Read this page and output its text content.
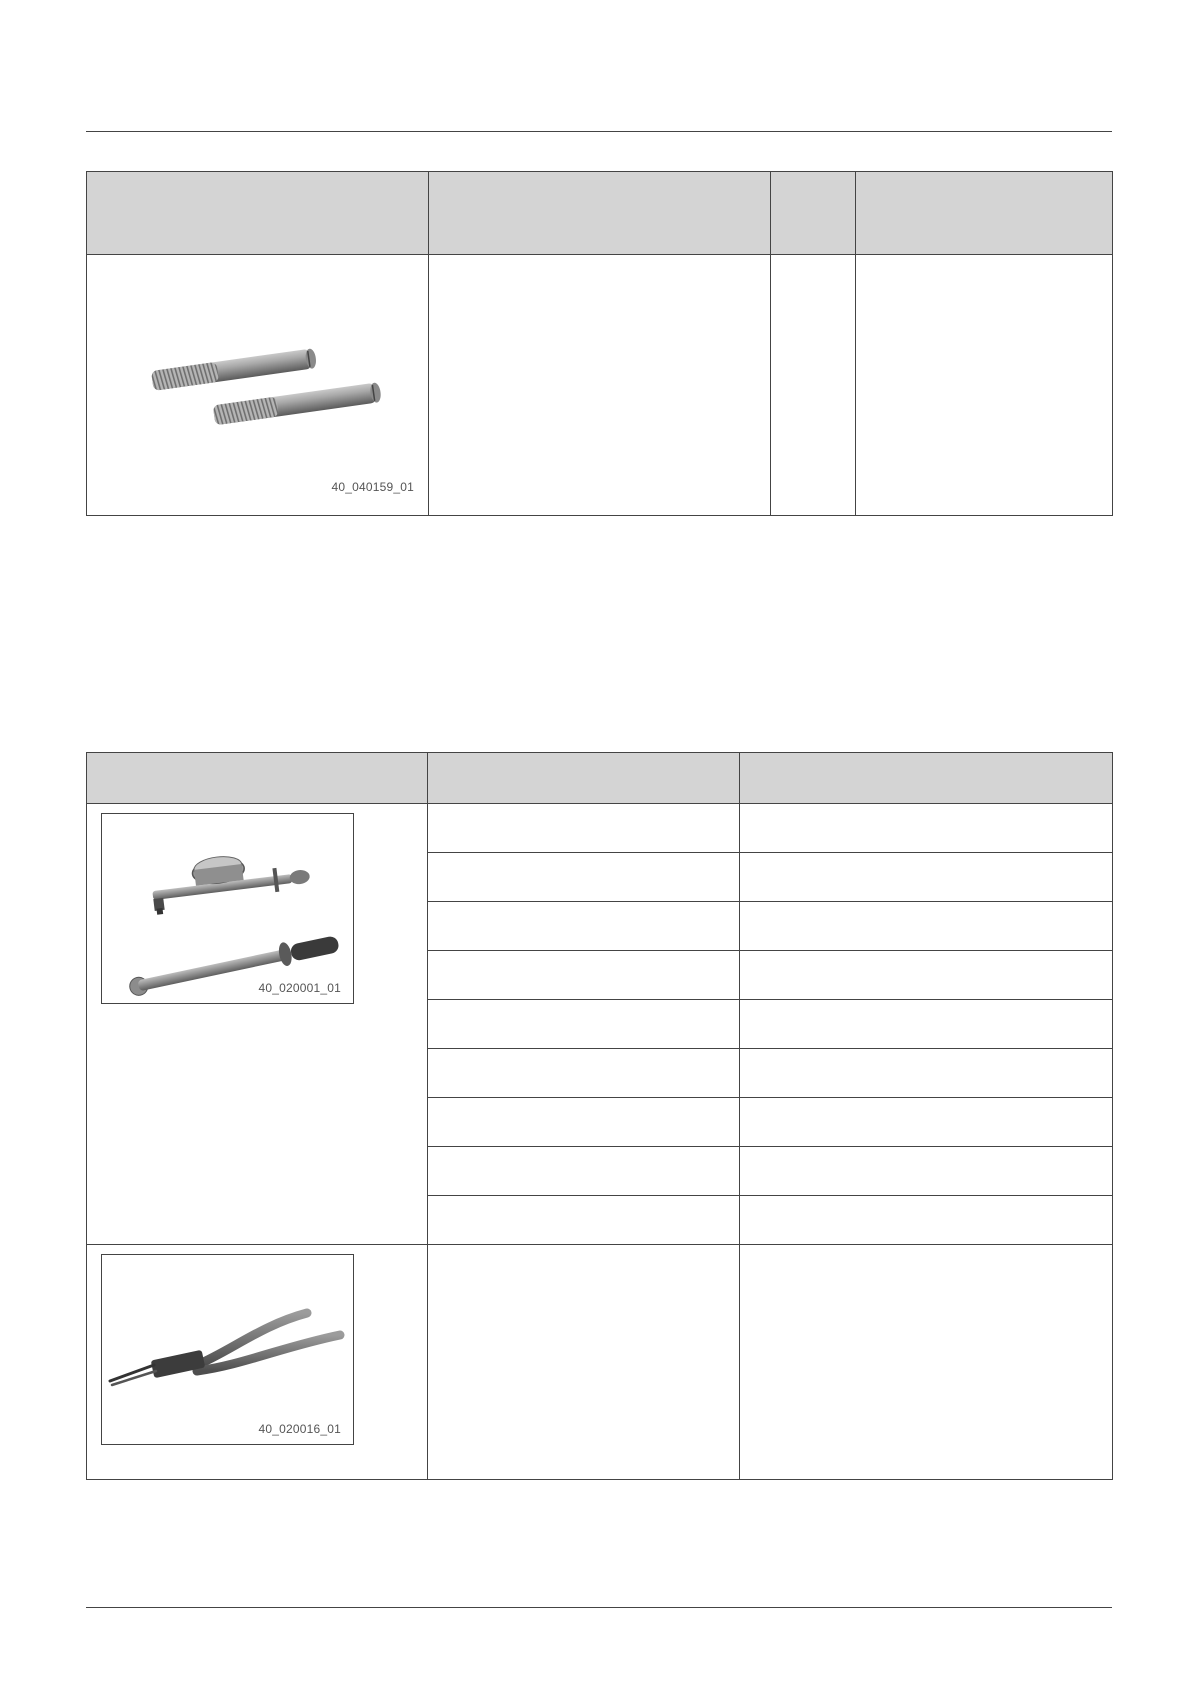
40_040159_01			

40_020001_01		

40_020016_01		
